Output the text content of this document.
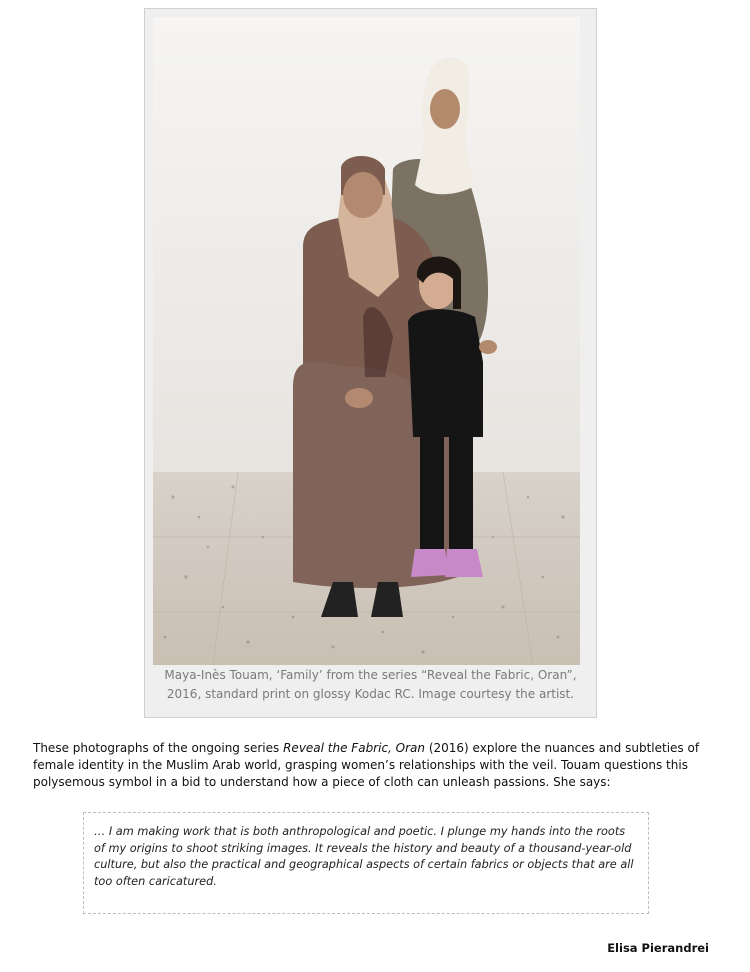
Maya-Inès Touam, ‘Family’ from the series “Reveal the Fabric, Oran”,

2016, standard print on glossy Kodac RC. Image courtesy the artist.

These photographs of the ongoing series Reveal the Fabric, Oran (2016) explore the nuances and subtleties of female identity in the Muslim Arab world, grasping women’s relationships with the veil. Touam questions this polysemous symbol in a bid to understand how a piece of cloth can unleash passions. She says:

… I am making work that is both anthropological and poetic. I plunge my hands into the roots of my origins to shoot striking images. It reveals the history and beauty of a thousand-year-old culture, but also the practical and geographical aspects of certain fabrics or objects that are all too often caricatured.
Elisa Pierandrei
